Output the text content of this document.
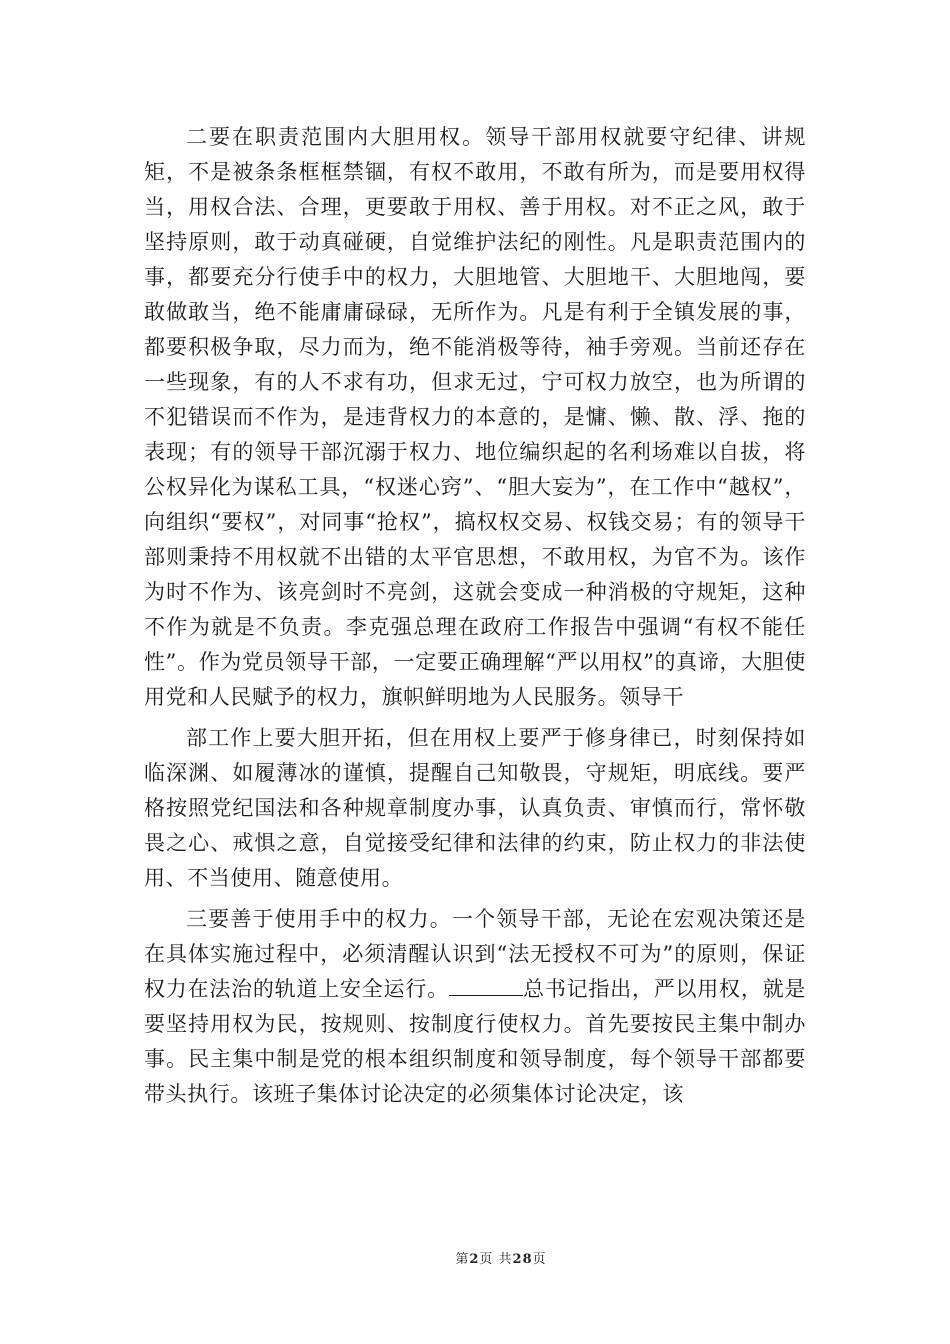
二要在职责范围内大胆用权。领导干部用权就要守纪律、讲规矩，不是被条条框框禁锢，有权不敢用，不敢有所为，而是要用权得当，用权合法、合理，更要敢于用权、善于用权。对不正之风，敢于坚持原则，敢于动真碰硬，自觉维护法纪的刚性。凡是职责范围内的事，都要充分行使手中的权力，大胆地管、大胆地干、大胆地闯，要敢做敢当，绝不能庸庸碌碌，无所作为。凡是有利于全镇发展的事，都要积极争取，尽力而为，绝不能消极等待，袖手旁观。当前还存在一些现象，有的人不求有功，但求无过，宁可权力放空，也为所谓的不犯错误而不作为，是违背权力的本意的，是慵、懒、散、浮、拖的表现；有的领导干部沉溺于权力、地位编织起的名利场难以自拔，将公权异化为谋私工具，“权迷心窍”、“胆大妄为”，在工作中“越权”，向组织“要权”，对同事“抢权”，搞权权交易、权钱交易；有的领导干部则秉持不用权就不出错的太平官思想，不敢用权，为官不为。该作为时不作为、该亮剑时不亮剑，这就会变成一种消极的守规矩，这种不作为就是不负责。李克强总理在政府工作报告中强调“有权不能任性”。作为党员领导干部，一定要正确理解“严以用权”的真谛，大胆使用党和人民赋予的权力，旗帜鲜明地为人民服务。领导干

部工作上要大胆开拓，但在用权上要严于修身律已，时刻保持如临深渊、如履薄冰的谨慎，提醒自己知敬畏，守规矩，明底线。要严格按照党纪国法和各种规章制度办事，认真负责、审慎而行，常怀敬畏之心、戒惧之意，自觉接受纪律和法律的约束，防止权力的非法使用、不当使用、随意使用。

三要善于使用手中的权力。一个领导干部，无论在宏观决策还是在具体实施过程中，必须清醒认识到“法无授权不可为”的原则，保证权力在法治的轨道上安全运行。	总书记指出，严以用权，就是要坚持用权为民，按规则、按制度行使权力。首先要按民主集中制办事。民主集中制是党的根本组织制度和领导制度，每个领导干部都要带头执行。该班子集体讨论决定的必须集体讨论决定，该

第2页 共28页
